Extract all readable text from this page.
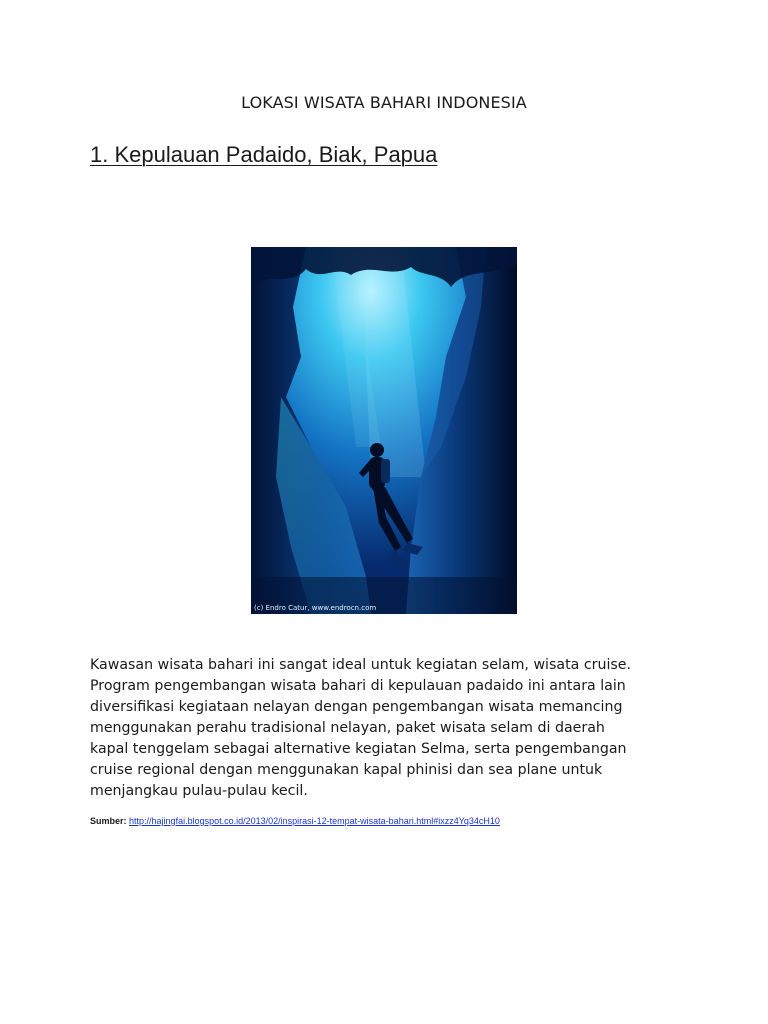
LOKASI WISATA BAHARI INDONESIA
1. Kepulauan Padaido, Biak, Papua
(c) Endro Catur, www.endrocn.com

Kawasan wisata bahari ini sangat ideal untuk kegiatan selam, wisata cruise.

Program pengembangan wisata bahari di kepulauan padaido ini antara lain

diversifikasi kegiataan nelayan dengan pengembangan wisata memancing

menggunakan perahu tradisional nelayan, paket wisata selam di daerah

kapal tenggelam sebagai alternative kegiatan Selma, serta pengembangan

cruise regional dengan menggunakan kapal phinisi dan sea plane untuk

menjangkau pulau-pulau kecil.

Sumber: http://hajingfai.blogspot.co.id/2013/02/inspirasi-12-tempat-wisata-bahari.html#ixzz4Yq34cH10
